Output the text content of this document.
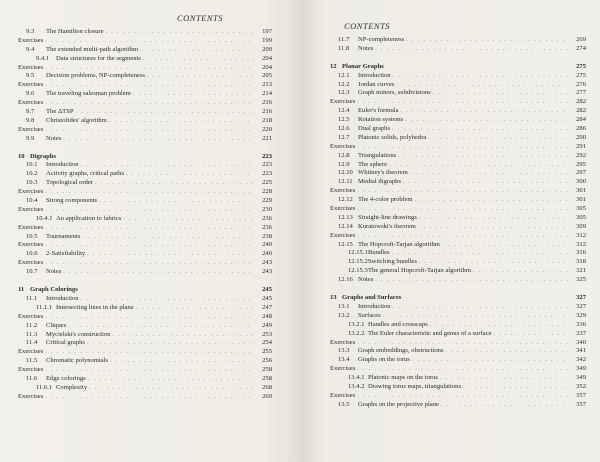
CONTENTS
9.3	The Hamilton closure . . .	197
Exercises . . .	199
9.4	The extended multi-path algorithm . . .	200
9.4.1	Data structures for the segments . . .	204
Exercises . . .	204
9.5	Decision problems, NP-completeness . . .	205
Exercises . . .	213
9.6	The traveling salesman problem . . .	214
Exercises . . .	216
9.7	The ΔTSP . . .	216
9.8	Christofides' algorithm . . .	218
Exercises . . .	220
9.9	Notes . . .	221
10 Digraphs	223
10.1	Introduction . . .	223
10.2	Activity graphs, critical paths . . .	223
10.3	Topological order . . .	225
Exercises . . .	228
10.4	Strong components . . .	229
Exercises . . .	230
10.4.1 An application to fabrics . . .	236
Exercises . . .	236
10.5	Tournaments . . .	238
Exercises . . .	240
10.6	2-Satisfiability . . .	240
Exercises . . .	243
10.7	Notes . . .	243
11 Graph Colorings	245
11.1	Introduction . . .	245
11.1.1 Intersecting lines in the plane . . .	247
Exercises . . .	248
11.2	Cliques . . .	249
11.3	Mycielski's construction . . .	253
11.4	Critical graphs . . .	254
Exercises . . .	255
11.5	Chromatic polynomials . . .	256
Exercises . . .	258
11.6	Edge colorings . . .	258
11.6.1 Complexity . . .	268
Exercises . . .	269
CONTENTS
11.7	NP-completeness . . .	269
11.8	Notes . . .	274
12 Planar Graphs	275
12.1	Introduction . . .	275
12.2	Jordan curves . . .	276
12.3	Graph minors, subdivisions . . .	277
Exercises . . .	282
12.4	Euler's formula . . .	282
12.5	Rotation systems . . .	284
12.6	Dual graphs . . .	286
12.7	Platonic solids, polyhedra . . .	290
Exercises . . .	291
12.8	Triangulations . . .	292
12.9	The sphere . . .	295
12.10 Whitney's theorem . . .	297
12.11 Medial digraphs . . .	300
Exercises . . .	301
12.12 The 4-color problem . . .	301
Exercises . . .	305
12.13 Straight-line drawings . . .	305
12.14 Kuratowski's theorem . . .	309
Exercises . . .	312
12.15 The Hopcroft-Tarjan algorithm . . .	312
12.15.1 Bundles . . .	316
12.15.2 Switching bundles . . .	318
12.15.3 The general Hopcroft-Tarjan algorithm . . .	321
12.16 Notes . . .	325
13 Graphs and Surfaces	327
13.1	Introduction . . .	327
13.2	Surfaces . . .	329
13.2.1 Handles and crosscaps . . .	336
13.2.2 The Euler characteristic and genus of a surface . . .	337
Exercises . . .	340
13.3	Graph embeddings, obstructions . . .	341
13.4	Graphs on the torus . . .	342
Exercises . . .	349
13.4.1 Platonic maps on the torus . . .	349
13.4.2 Drawing torus maps, triangulations . . .	352
Exercises . . .	357
13.5	Graphs on the projective plane . . .	357
